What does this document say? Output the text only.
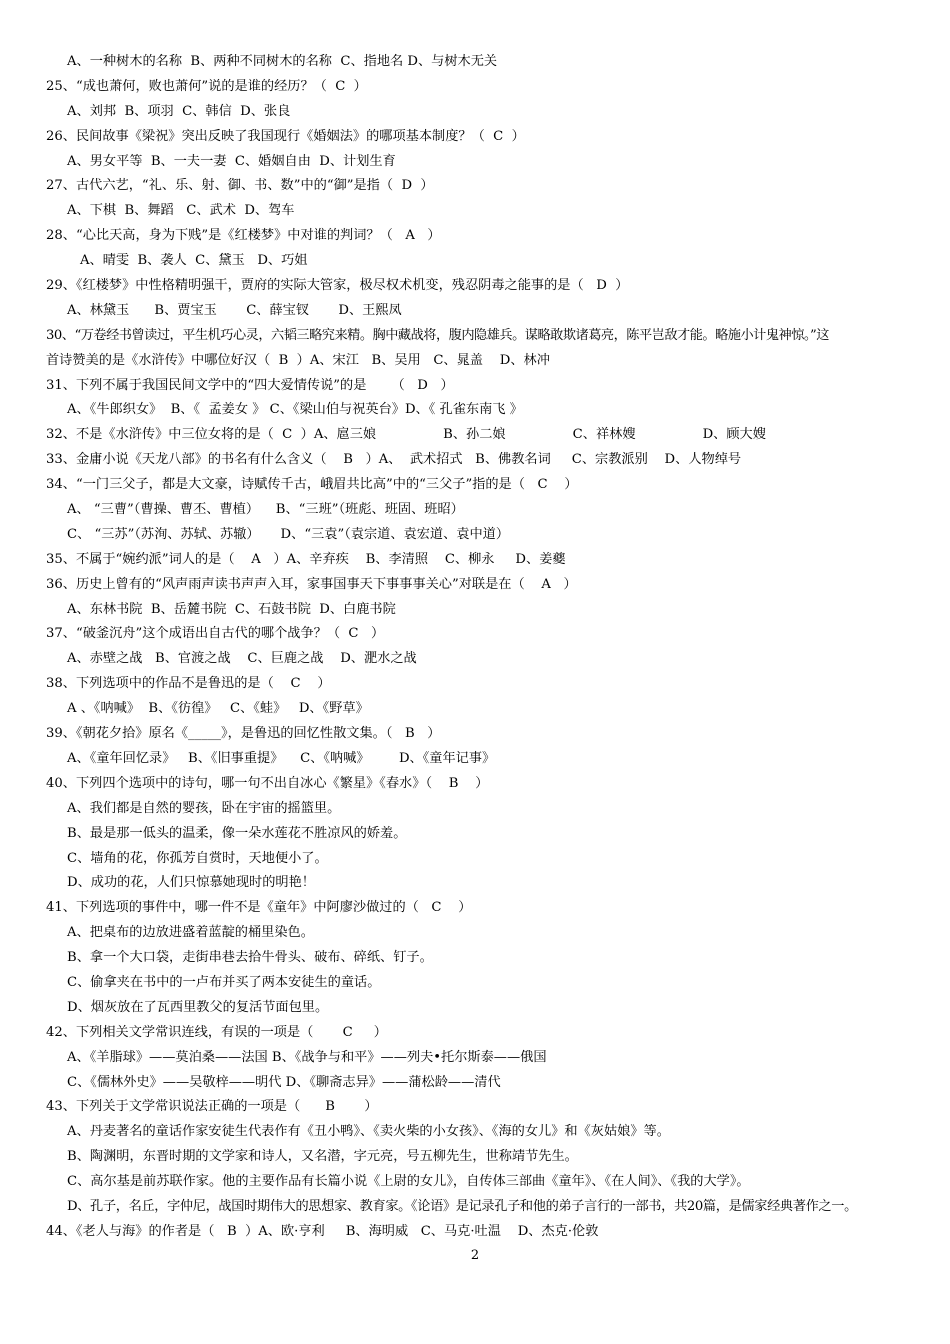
A、一种树木的名称  B、两种不同树木的名称  C、指地名 D、与树木无关
25、“成也萧何，败也萧何”说的是谁的经历？（  C  ）
A、刘邦  B、项羽  C、韩信  D、张良
26、民间故事《梁祝》突出反映了我国现行《婚姻法》的哪项基本制度？（  C  ）
A、男女平等  B、一夫一妻  C、婚姻自由  D、计划生育
27、古代六艺，“礼、乐、射、御、书、数”中的“御”是指（  D  ）
A、下棋  B、舞蹈   C、武术  D、驾车
28、“心比天高，身为下贱”是《红楼梦》中对谁的判词？（   A   ）
A、晴雯  B、袭人  C、黛玉   D、巧姐
29、《红楼梦》中性格精明强干，贾府的实际大管家，极尽权术机变，残忍阴毒之能事的是（   D  ）
A、林黛玉      B、贾宝玉       C、薛宝钗       D、王熙凤
30、“万卷经书曾读过，平生机巧心灵，六韬三略究来精。胸中藏战将，腹内隐雄兵。谋略敢欺诸葛亮，陈平岂敌才能。略施小计鬼神惊。”这
首诗赞美的是《水浒传》中哪位好汉（  B  ）A、宋江   B、吴用   C、晁盖    D、林冲
31、下列不属于我国民间文学中的“四大爱情传说”的是      （   D   ）
A、《牛郎织女》  B、《  孟姜女 》 C、《梁山伯与祝英台》D、《 孔雀东南飞 》
32、不是《水浒传》中三位女将的是（  C  ）A、扈三娘                B、孙二娘                C、祥林嫂                D、顾大嫂
33、金庸小说《天龙八部》的书名有什么含义（    B   ）A、  武术招式   B、佛教名词     C、宗教派别    D、人物绰号
34、“一门三父子，都是大文豪，诗赋传千古，峨眉共比高”中的“三父子”指的是（   C    ）
A、 “三曹”（曹操、曹丕、曹植）    B、“三班”（班彪、班固、班昭）
C、 “三苏”（苏洵、苏轼、苏辙）     D、“三袁”（袁宗道、袁宏道、袁中道）
35、不属于“婉约派”词人的是（    A   ）A、辛弃疾    B、李清照    C、柳永     D、姜夔
36、历史上曾有的“风声雨声读书声声入耳，家事国事天下事事事关心”对联是在（    A   ）
A、东林书院  B、岳麓书院  C、石鼓书院  D、白鹿书院
37、“破釜沉舟”这个成语出自古代的哪个战争？（  C   ）
A、赤壁之战   B、官渡之战    C、巨鹿之战    D、淝水之战
38、下列选项中的作品不是鲁迅的是（    C    ）
A 、《呐喊》  B、《彷徨》   C、《蛙》   D、《野草》
39、《朝花夕拾》原名《_____》，是鲁迅的回忆性散文集。（   B   ）
A、《童年回忆录》   B、《旧事重提》    C、《呐喊》       D、《童年记事》
40、下列四个选项中的诗句，哪一句不出自冰心《繁星》《春水》（    B    ）
A、我们都是自然的婴孩，卧在宇宙的摇篮里。
B、最是那一低头的温柔，像一朵水莲花不胜凉风的娇羞。
C、墙角的花，你孤芳自赏时，天地便小了。
D、成功的花，人们只惊慕她现时的明艳！
41、下列选项的事件中，哪一件不是《童年》中阿廖沙做过的（   C    ）
A、把桌布的边放进盛着蓝靛的桶里染色。
B、拿一个大口袋，走街串巷去拾牛骨头、破布、碎纸、钉子。
C、偷拿夹在书中的一卢布并买了两本安徒生的童话。
D、烟灰放在了瓦西里教父的复活节面包里。
42、下列相关文学常识连线，有误的一项是（       C     ）
A、《羊脂球》——莫泊桑——法国 B、《战争与和平》——列夫•托尔斯泰——俄国
C、《儒林外史》——吴敬梓——明代 D、《聊斋志异》——蒲松龄——清代
43、下列关于文学常识说法正确的一项是（      B       ）
A、丹麦著名的童话作家安徒生代表作有《丑小鸭》、《卖火柴的小女孩》、《海的女儿》和《灰姑娘》等。
B、陶渊明，东晋时期的文学家和诗人，又名潜，字元亮，号五柳先生，世称靖节先生。
C、高尔基是前苏联作家。他的主要作品有长篇小说《上尉的女儿》，自传体三部曲《童年》、《在人间》、《我的大学》。
D、孔子，名丘，字仲尼，战国时期伟大的思想家、教育家。《论语》是记录孔子和他的弟子言行的一部书，共20篇，是儒家经典著作之一。
44、《老人与海》的作者是（   B  ）A、欧·亨利     B、海明威   C、马克·吐温    D、杰克·伦敦
2
